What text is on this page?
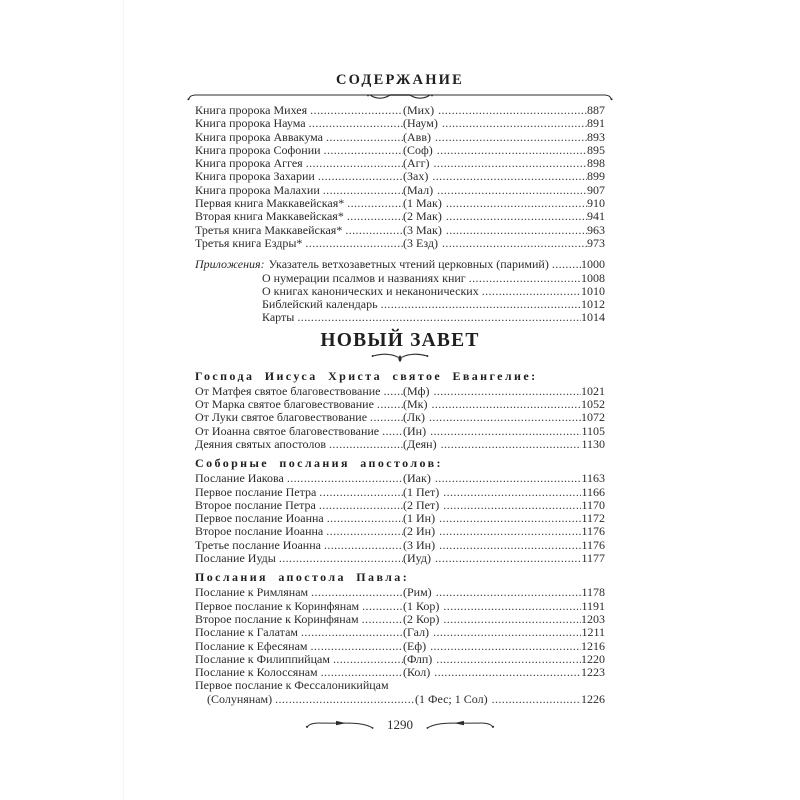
СОДЕРЖАНИЕ
Книга пророка Михея .....	(Мих) .....	887
Книга пророка Наума .....	(Наум) .....	891
Книга пророка Аввакума .....	(Авв) .....	893
Книга пророка Софонии .....	(Соф) .....	895
Книга пророка Аггея .....	(Агг) .....	898
Книга пророка Захарии .....	(Зах) .....	899
Книга пророка Малахии .....	(Мал) .....	907
Первая книга Маккавейская* .....	(1 Мак) .....	910
Вторая книга Маккавейская* .....	(2 Мак) .....	941
Третья книга Маккавейская* .....	(3 Мак) .....	963
Третья книга Ездры* .....	(3 Езд) .....	973
Приложения: Указатель ветхозаветных чтений церковных (паримий) .....	1000
О нумерации псалмов и названиях книг .....	1008
О книгах канонических и неканонических .....	1010
Библейский календарь .....	1012
Карты .....	1014
НОВЫЙ ЗАВЕТ
Господа Иисуса Христа святое Евангелие:
От Матфея святое благовествование ..... (Мф) .....	1021
От Марка святое благовествование ..... (Мк) .....	1052
От Луки святое благовествование .....	(Лк) .....	1072
От Иоанна святое благовествование ..... (Ин) .....	1105
Деяния святых апостолов .....	(Деян) .....	1130
Соборные послания апостолов:
Послание Иакова .....	(Иак) .....	1163
Первое послание Петра .....	(1 Пет) .....	1166
Второе послание Петра .....	(2 Пет) .....	1170
Первое послание Иоанна .....	(1 Ин) .....	1172
Второе послание Иоанна .....	(2 Ин) .....	1176
Третье послание Иоанна .....	(3 Ин) .....	1176
Послание Иуды .....	(Иуд) .....	1177
Послания апостола Павла:
Послание к Римлянам .....	(Рим) .....	1178
Первое послание к Коринфянам .....	(1 Кор) .....	1191
Второе послание к Коринфянам .....	(2 Кор) .....	1203
Послание к Галатам .....	(Гал) .....	1211
Послание к Ефесянам .....	(Еф) .....	1216
Послание к Филиппийцам .....	(Флп) .....	1220
Послание к Колоссянам .....	(Кол) .....	1223
Первое послание к Фессалоникийцам
(Солунянам) .....	(1 Фес; 1 Сол) .....	1226
1290
